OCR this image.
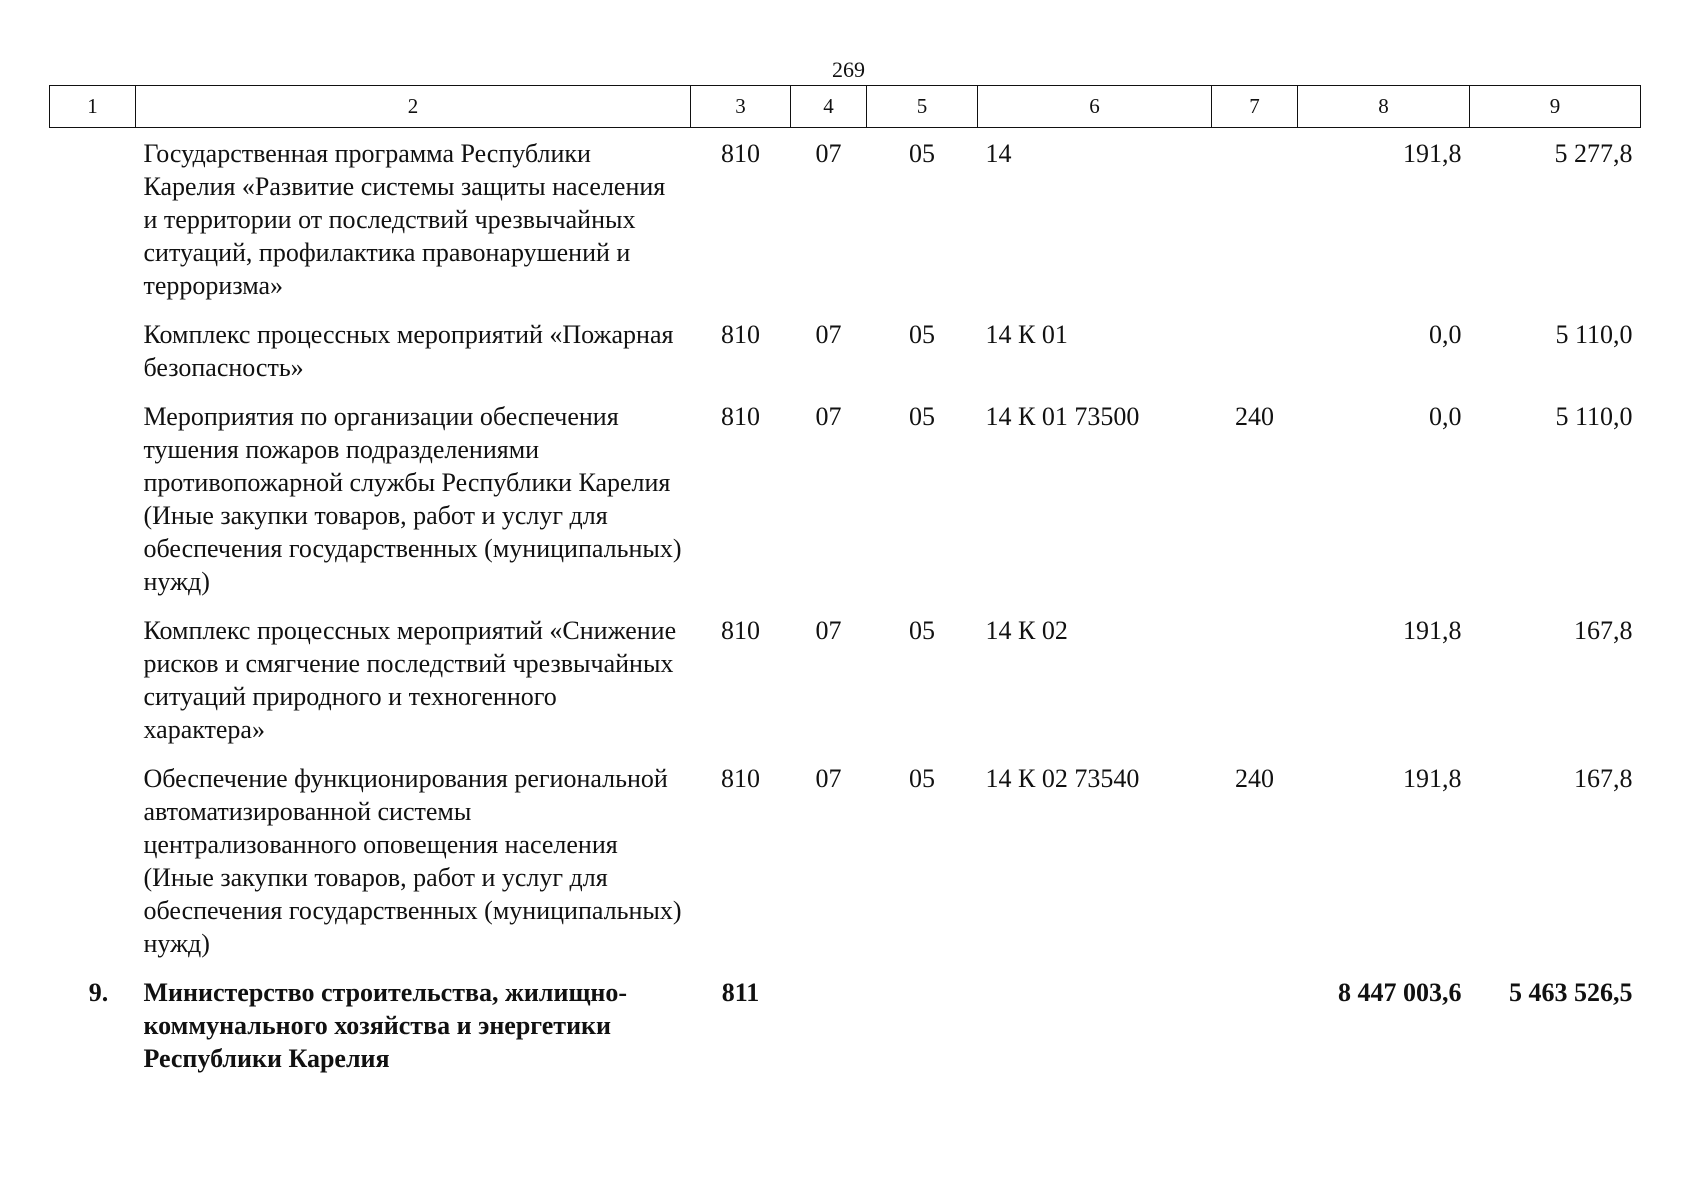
269
1	2	3	4	5	6	7	8	9
	Государственная программа Республики Карелия «Развитие системы защиты населения и территории от последствий чрезвычайных ситуаций, профилактика правонарушений и терроризма»	810	07	05	14		191,8	5 277,8
	Комплекс процессных мероприятий «Пожарная безопасность»	810	07	05	14 К 01		0,0	5 110,0
	Мероприятия по организации обеспечения тушения пожаров подразделениями противопожарной службы Республики Карелия (Иные закупки товаров, работ и услуг для обеспечения государственных (муниципальных) нужд)	810	07	05	14 К 01 73500	240	0,0	5 110,0
	Комплекс процессных мероприятий «Снижение рисков и смягчение последствий чрезвычайных ситуаций природного и техногенного характера»	810	07	05	14 К 02		191,8	167,8
	Обеспечение функционирования региональной автоматизированной системы централизованного оповещения населения (Иные закупки товаров, работ и услуг для обеспечения государственных (муниципальных) нужд)	810	07	05	14 К 02 73540	240	191,8	167,8
9.	Министерство строительства, жилищно-коммунального хозяйства и энергетики Республики Карелия	811					8 447 003,6	5 463 526,5
